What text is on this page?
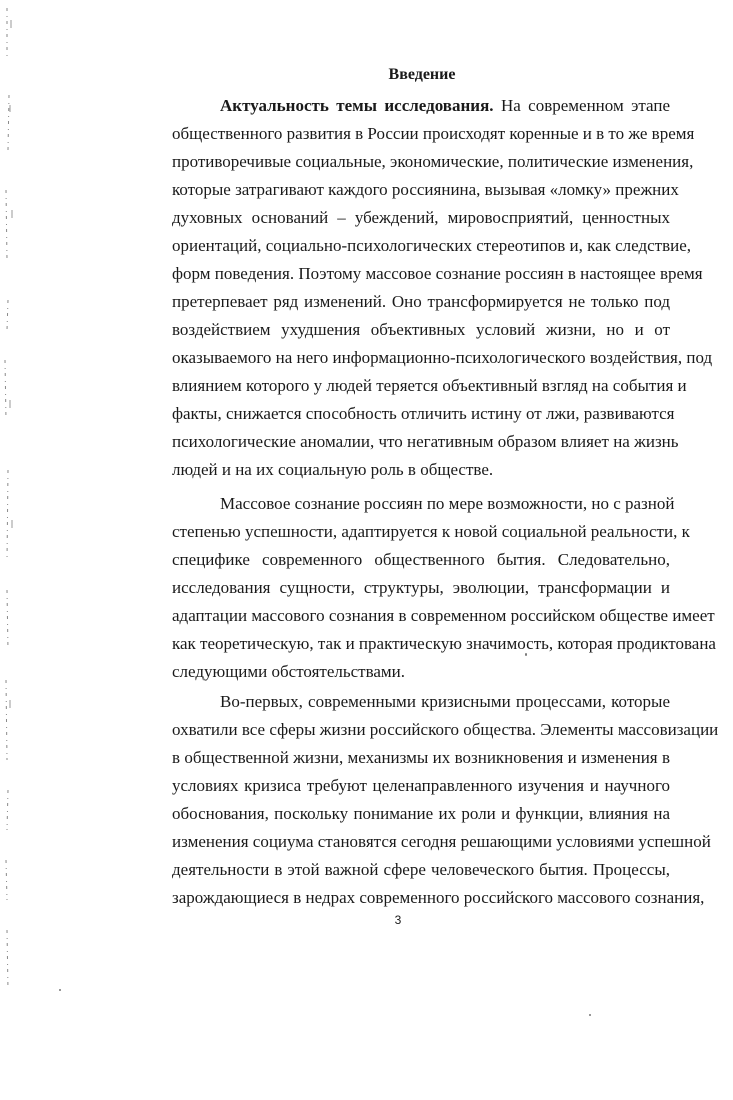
Введение
Актуальность темы исследования. На современном этапе
общественного развития в России происходят коренные и в то же время
противоречивые социальные, экономические, политические изменения,
которые затрагивают каждого россиянина, вызывая «ломку» прежних
духовных оснований – убеждений, мировосприятий, ценностных
ориентаций, социально-психологических стереотипов и, как следствие,
форм поведения. Поэтому массовое сознание россиян в настоящее время
претерпевает ряд изменений. Оно трансформируется не только под
воздействием ухудшения объективных условий жизни, но и от
оказываемого на него информационно-психологического воздействия, под
влиянием которого у людей теряется объективный взгляд на события и
факты, снижается способность отличить истину от лжи, развиваются
психологические аномалии, что негативным образом влияет на жизнь
людей и на их социальную роль в обществе.
Массовое сознание россиян по мере возможности, но с разной
степенью успешности, адаптируется к новой социальной реальности, к
специфике современного общественного бытия. Следовательно,
исследования сущности, структуры, эволюции, трансформации и
адаптации массового сознания в современном российском обществе имеет
как теоретическую, так и практическую значимость, которая продиктована
следующими обстоятельствами.
Во-первых, современными кризисными процессами, которые
охватили все сферы жизни российского общества. Элементы массовизации
в общественной жизни, механизмы их возникновения и изменения в
условиях кризиса требуют целенаправленного изучения и научного
обоснования, поскольку понимание их роли и функции, влияния на
изменения социума становятся сегодня решающими условиями успешной
деятельности в этой важной сфере человеческого бытия. Процессы,
зарождающиеся в недрах современного российского массового сознания,
3
